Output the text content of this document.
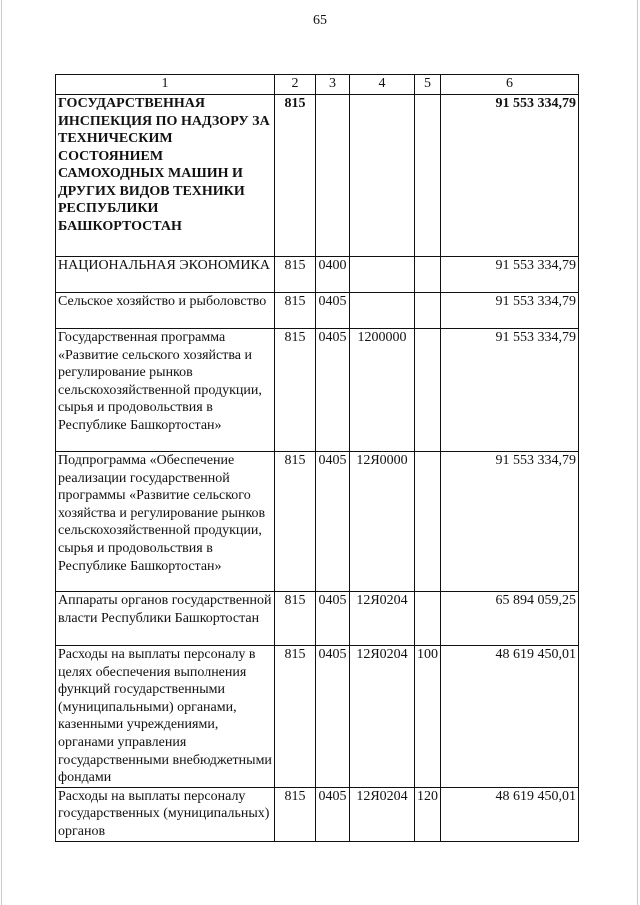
65
1	2	3	4	5	6
ГОСУДАРСТВЕННАЯ ИНСПЕКЦИЯ ПО НАДЗОРУ ЗА ТЕХНИЧЕСКИМ СОСТОЯНИЕМ САМОХОДНЫХ МАШИН И ДРУГИХ ВИДОВ ТЕХНИКИ РЕСПУБЛИКИ БАШКОРТОСТАН	815				91 553 334,79
НАЦИОНАЛЬНАЯ ЭКОНОМИКА	815	0400			91 553 334,79
Сельское хозяйство и рыболовство	815	0405			91 553 334,79
Государственная программа «Развитие сельского хозяйства и регулирование рынков сельскохозяйственной продукции, сырья и продовольствия в Республике Башкортостан»	815	0405	1200000		91 553 334,79
Подпрограмма «Обеспечение реализации государственной программы «Развитие сельского хозяйства и регулирование рынков сельскохозяйственной продукции, сырья и продовольствия в Республике Башкортостан»	815	0405	12Я0000		91 553 334,79
Аппараты органов государственной власти Республики Башкортостан	815	0405	12Я0204		65 894 059,25
Расходы на выплаты персоналу в целях обеспечения выполнения функций государственными (муниципальными) органами, казенными учреждениями, органами управления государственными внебюджетными фондами	815	0405	12Я0204	100	48 619 450,01
Расходы на выплаты персоналу государственных (муниципальных) органов	815	0405	12Я0204	120	48 619 450,01
